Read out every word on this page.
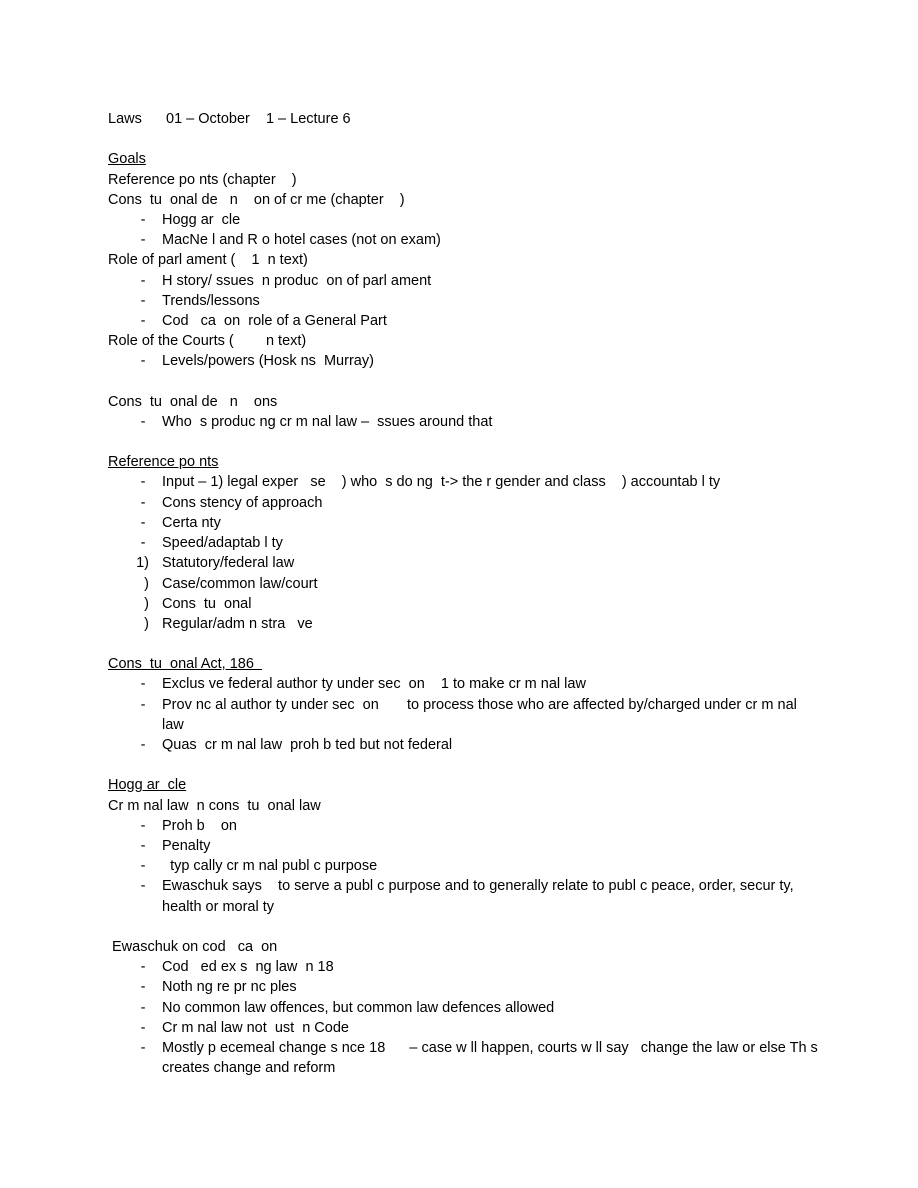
Laws      01 – October    1 – Lecture 6
Goals
Reference po nts (chapter    )
Cons  tu  onal de   n    on of cr me (chapter    )
-	Hogg ar  cle
-	MacNe l and R o hotel cases (not on exam)
Role of parl ament (    1  n text)
-	H story/ ssues  n produc  on of parl ament
-	Trends/lessons
-	Cod   ca  on  role of a General Part
Role of the Courts (        n text)
-	Levels/powers (Hosk ns  Murray)
Cons  tu  onal de   n    ons
-	Who  s produc ng cr m nal law –  ssues around that
Reference po nts
-	Input – 1) legal exper   se    ) who  s do ng  t-> the r gender and class    ) accountab l ty
-	Cons stency of approach
-	Certa nty
-	Speed/adaptab l ty
1) Statutory/federal law
) Case/common law/court
) Cons  tu  onal
) Regular/adm n stra   ve
Cons  tu  onal Act, 186
-	Exclus ve federal author ty under sec  on    1 to make cr m nal law
-	Prov nc al author ty under sec  on       to process those who are affected by/charged under cr m nal law
-	Quas  cr m nal law  proh b ted but not federal
Hogg ar  cle
Cr m nal law  n cons  tu  onal law
-	Proh b    on
-	Penalty
-	typ cally cr m nal publ c purpose
-	Ewaschuk says    to serve a publ c purpose and to generally relate to publ c peace, order, secur ty, health or moral ty
Ewaschuk on cod   ca  on
-	Cod   ed ex s  ng law  n 18
-	Noth ng re pr nc ples
-	No common law offences, but common law defences allowed
-	Cr m nal law not  ust  n Code
-	Mostly p ecemeal change s nce 18      – case w ll happen, courts w ll say   change the law or else Th s creates change and reform
